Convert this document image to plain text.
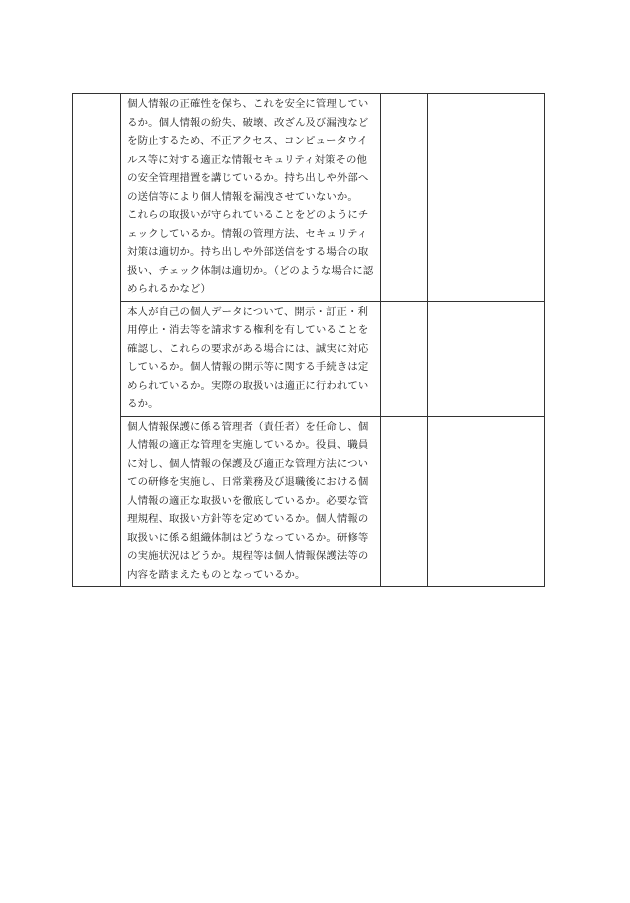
	個人情報の正確性を保ち、これを安全に管理しているか。個人情報の紛失、破壊、改ざん及び漏洩などを防止するため、不正アクセス、コンピュータウイルス等に対する適正な情報セキュリティ対策その他の安全管理措置を講じているか。持ち出しや外部への送信等により個人情報を漏洩させていないか。

これらの取扱いが守られていることをどのようにチェックしているか。情報の管理方法、セキュリティ対策は適切か。持ち出しや外部送信をする場合の取扱い、チェック体制は適切か。（どのような場合に認められるかなど）		

	本人が自己の個人データについて、開示・訂正・利用停止・消去等を請求する権利を有していることを確認し、これらの要求がある場合には、誠実に対応しているか。個人情報の開示等に関する手続きは定められているか。実際の取扱いは適正に行われているか。		

	個人情報保護に係る管理者（責任者）を任命し、個人情報の適正な管理を実施しているか。役員、職員に対し、個人情報の保護及び適正な管理方法についての研修を実施し、日常業務及び退職後における個人情報の適正な取扱いを徹底しているか。必要な管理規程、取扱い方針等を定めているか。個人情報の取扱いに係る組織体制はどうなっているか。研修等の実施状況はどうか。規程等は個人情報保護法等の内容を踏まえたものとなっているか。		
